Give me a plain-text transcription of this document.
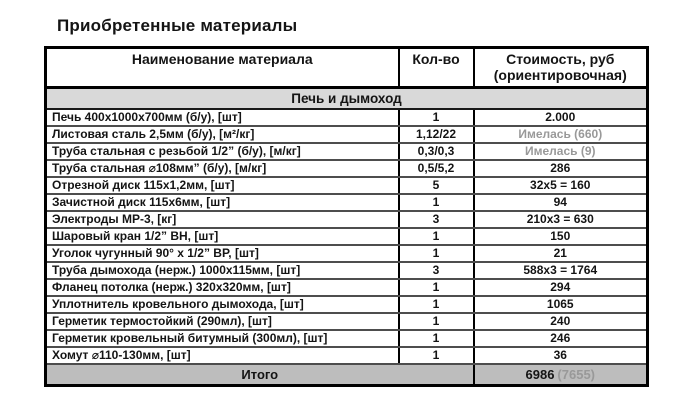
Приобретенные материалы
Наименование материала	Кол-во	Стоимость, руб
(ориентировочная)

Печь и дымоход		
Печь 400х1000х700мм (б/у), [шт]	1	2.000
Листовая сталь 2,5мм (б/у), [м²/кг]	1,12/22	Имелась (660)
Труба стальная с резьбой 1/2” (б/у), [м/кг]	0,3/0,3	Имелась (9)
Труба стальная ⌀108мм” (б/у), [м/кг]	0,5/5,2	286
Отрезной диск 115х1,2мм, [шт]	5	32х5 = 160
Зачистной диск 115х6мм, [шт]	1	94
Электроды МР-3, [кг]	3	210х3 = 630
Шаровый кран 1/2” ВН, [шт]	1	150
Уголок чугунный 90° х 1/2” ВР, [шт]	1	21
Труба дымохода (нерж.) 1000х115мм, [шт]	3	588х3 = 1764
Фланец потолка (нерж.) 320х320мм, [шт]	1	294
Уплотнитель кровельного дымохода, [шт]	1	1065
Герметик термостойкий (290мл), [шт]	1	240
Герметик кровельный битумный (300мл), [шт]	1	246
Хомут ⌀110-130мм, [шт]	1	36
Итого		6986 (7655)
